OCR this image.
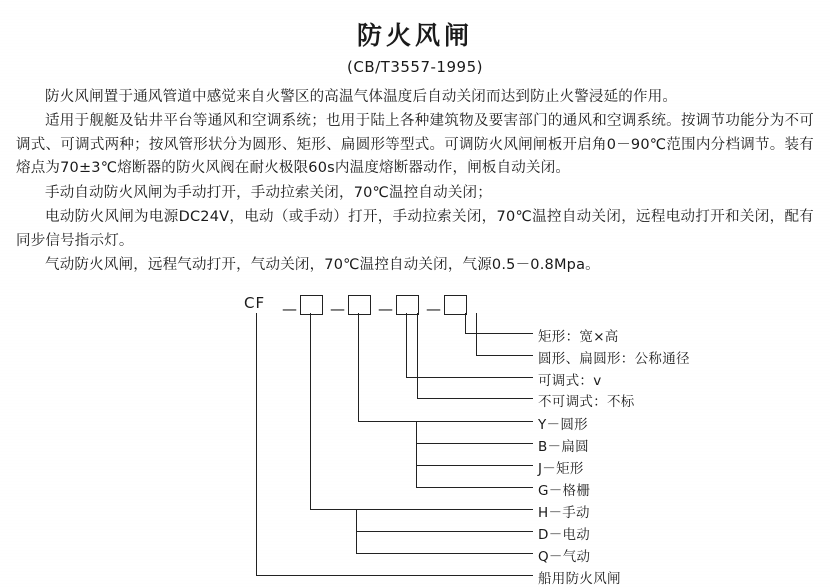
防火风闸
(CB/T3557-1995)

防火风闸置于通风管道中感觉来自火警区的高温气体温度后自动关闭而达到防止火警浸延的作用。

适用于舰艇及钻井平台等通风和空调系统；也用于陆上各种建筑物及要害部门的通风和空调系统。按调节功能分为不可调式、可调式两种；按风管形状分为圆形、矩形、扁圆形等型式。可调防火风闸闸板开启角0－90℃范围内分档调节。装有熔点为70±3℃熔断器的防火风阀在耐火极限60s内温度熔断器动作，闸板自动关闭。

手动自动防火风闸为手动打开，手动拉索关闭，70℃温控自动关闭；

电动防火风闸为电源DC24V，电动（或手动）打开，手动拉索关闭，70℃温控自动关闭，远程电动打开和关闭，配有同步信号指示灯。

气动防火风闸，远程气动打开，气动关闭，70℃温控自动关闭，气源0.5－0.8Mpa。

CF — — — —
矩形：宽×高
圆形、扁圆形：公称通径
可调式：v
不可调式：不标
Y－圆形
B－扁圆
J－矩形
G－格栅
H－手动
D－电动
Q－气动
船用防火风闸
